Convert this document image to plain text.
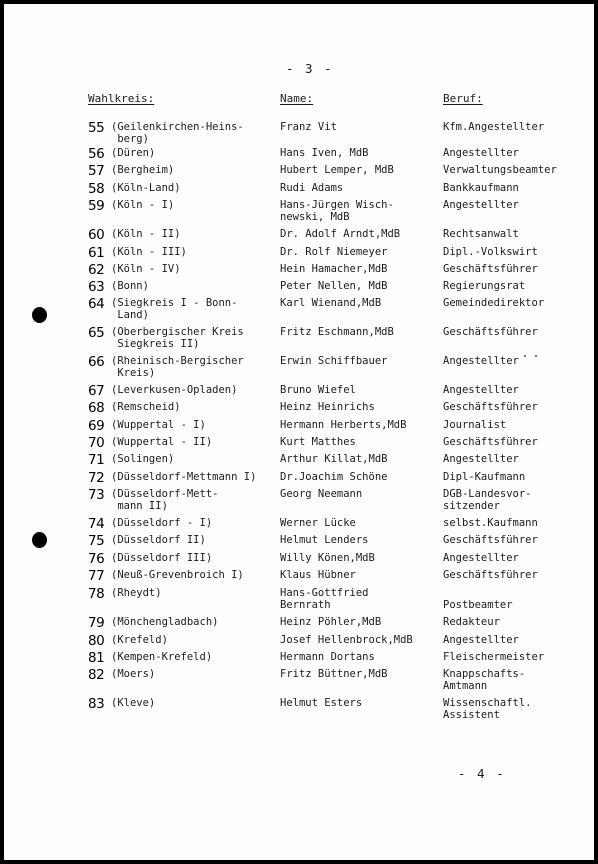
- 3 -
Wahlkreis:	Name:	Beruf:
55 (Geilenkirchen-Heins-
berg)
Franz Vit	Kfm.Angestellter
56 (Düren)	Hans Iven, MdB	Angestellter
57 (Bergheim)	Hubert Lemper, MdB	Verwaltungsbeamter
58 (Köln-Land)	Rudi Adams	Bankkaufmann
59 (Köln - I)	Hans-Jürgen Wisch-
newski, MdB
Angestellter
60 (Köln - II)	Dr. Adolf Arndt,MdB	Rechtsanwalt
61 (Köln - III)	Dr. Rolf Niemeyer	Dipl.-Volkswirt
62 (Köln - IV)	Hein Hamacher,MdB	Geschäftsführer
63 (Bonn)	Peter Nellen, MdB	Regierungsrat
64 (Siegkreis I - Bonn-
Land)
Karl Wienand,MdB	Gemeindedirektor
65 (Oberbergischer Kreis
Siegkreis II)
Fritz Eschmann,MdB	Geschäftsführer
66 (Rheinisch-Bergischer
Kreis)
Erwin Schiffbauer	Angestellter
67 (Leverkusen-Opladen)	Bruno Wiefel	Angestellter
68 (Remscheid)	Heinz Heinrichs	Geschäftsführer
69 (Wuppertal - I)	Hermann Herberts,MdB	Journalist
70 (Wuppertal - II)	Kurt Matthes	Geschäftsführer
71 (Solingen)	Arthur Killat,MdB	Angestellter
72 (Düsseldorf-Mettmann I) Dr.Joachim Schöne	Dipl-Kaufmann
73 (Düsseldorf-Mett-
mann II)
Georg Neemann	DGB-Landesvor-
sitzender
74 (Düsseldorf - I)	Werner Lücke	selbst.Kaufmann
75 (Düsseldorf II)	Helmut Lenders	Geschäftsführer
76 (Düsseldorf III)	Willy Könen,MdB	Angestellter
77 (Neuß-Grevenbroich I)	Klaus Hübner	Geschäftsführer
78 (Rheydt)	Hans-Gottfried
Bernrath	
Postbeamter
79 (Mönchengladbach)	Heinz Pöhler,MdB	Redakteur
80 (Krefeld)	Josef Hellenbrock,MdB	Angestellter
81 (Kempen-Krefeld)	Hermann Dortans	Fleischermeister
82 (Moers)	Fritz Büttner,MdB	Knappschafts-
Amtmann
83 (Kleve)	Helmut Esters	Wissenschaftl.
Assistent
- 4 -
